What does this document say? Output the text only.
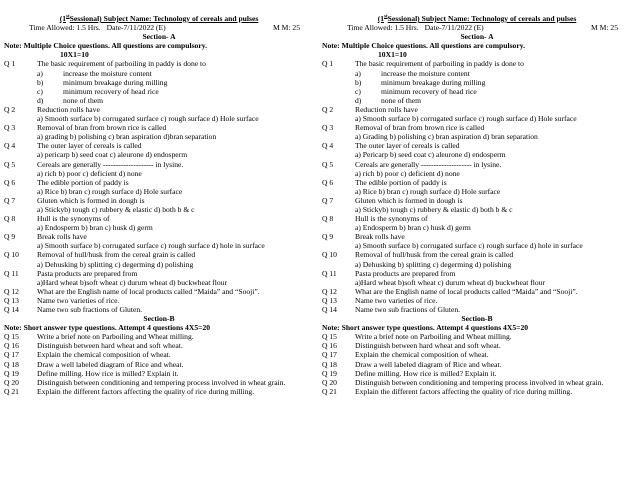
(1stSessional) Subject Name: Technology of cereals and pulses
Time Allowed: 1.5 Hrs. Date-7/11/2022 (E)	M M: 25
Section- A
Note: Multiple Choice questions. All questions are compulsory.
10X1=10
Q 1	The basic requirement of parboiling in paddy is done to
a)	increase the moisture content
b)	minimum breakage during milling
c)	minimum recovery of head rice
d)	none of them
Q 2	Reduction rolls have
a) Smooth surface b) corrugated surface c) rough surface d) Hole surface
Q 3	Removal of bran from brown rice is called
a) grading b) polishing c) bran aspiration d)bran separation
Q 4	The outer layer of cereals is called
a) pericarp b) seed coat c) aleurone d) endosperm
Q 5	Cereals are generally -------------------- in lysine.
a) rich b) poor c) deficient d) none
Q 6	The edible portion of paddy is
a) Rice b) bran c) rough surface d) Hole surface
Q 7	Gluten which is formed in dough is
a) Stickyb) tough c) rubbery & elastic d) both b & c
Q 8	Hull is the synonyms of
a) Endosperm b) bran c) husk d) germ
Q 9	Break rolls have
a) Smooth surface b) corrugated surface c) rough surface d) hole in surface
Q 10	Removal of hull/husk from the cereal grain is called
a) Dehusking b) splitting c) degerming d) polishing
Q 11	Pasta products are prepared from
a)Hard wheat b)soft wheat c) durum wheat d) buckwheat flour
Q 12	What are the English name of local products called “Maida” and “Sooji”.
Q 13	Name two varieties of rice.
Q 14	Name two sub fractions of Gluten.
Section-B
Note: Short answer type questions. Attempt 4 questions 4X5=20
Q 15	Write a brief note on Parboiling and Wheat milling.
Q 16	Distinguish between hard wheat and soft wheat.
Q 17	Explain the chemical composition of wheat.
Q 18	Draw a well labeled diagram of Rice and wheat.
Q 19	Define milling. How rice is milled? Explain it.
Q 20	Distinguish between conditioning and tempering process involved in wheat grain.
Q 21	Explain the different factors affecting the quality of rice during milling.
(1stSessional) Subject Name: Technology of cereals and pulses
Time Allowed: 1.5 Hrs. Date-7/11/2022 (E)	M M: 25
Section- A
Note: Multiple Choice questions. All questions are compulsory.
10X1=10
Q 1	The basic requirement of parboiling in paddy is done to
a)	increase the moisture content
b)	minimum breakage during milling
c)	minimum recovery of head rice
d)	none of them
Q 2	Reduction rolls have
a) Smooth surface b) corrugated surface c) rough surface d) Hole surface
Q 3	Removal of bran from brown rice is called
a) Grading b) polishing c) bran aspiration d) bran separation
Q 4	The outer layer of cereals is called
a) Pericarp b) seed coat c) aleurone d) endosperm
Q 5	Cereals are generally -------------------- in lysine.
a) rich b) poor c) deficient d) none
Q 6	The edible portion of paddy is
a) Rice b) bran c) rough surface d) Hole surface
Q 7	Gluten which is formed in dough is
a) Stickyb) tough c) rubbery & elastic d) both b & c
Q 8	Hull is the synonyms of
a) Endosperm b) bran c) husk d) germ
Q 9	Break rolls have
a) Smooth surface b) corrugated surface c) rough surface d) hole in surface
Q 10	Removal of hull/husk from the cereal grain is called
a) Dehusking b) splitting c) degerming d) polishing
Q 11	Pasta products are prepared from
a)Hard wheat b)soft wheat c) durum wheat d) buckwheat flour
Q 12	What are the English name of local products called “Maida” and “Sooji”.
Q 13	Name two varieties of rice.
Q 14	Name two sub fractions of Gluten.
Section-B
Note: Short answer type questions. Attempt 4 questions 4X5=20
Q 15	Write a brief note on Parboiling and Wheat milling.
Q 16	Distinguish between hard wheat and soft wheat.
Q 17	Explain the chemical composition of wheat.
Q 18	Draw a well labeled diagram of Rice and wheat.
Q 19	Define milling. How rice is milled? Explain it.
Q 20	Distinguish between conditioning and tempering process involved in wheat grain.
Q 21	Explain the different factors affecting the quality of rice during milling.
